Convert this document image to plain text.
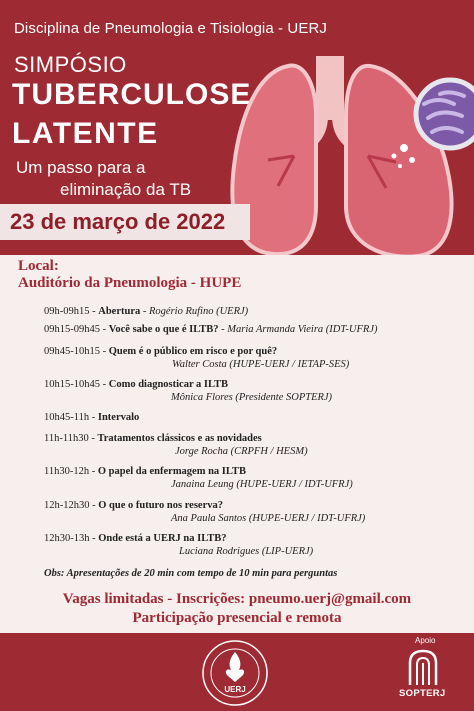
Disciplina de Pneumologia e Tisiologia - UERJ
SIMPÓSIO
TUBERCULOSE
LATENTE
Um passo para a
eliminação da TB
23 de março de 2022
Local:
Auditório da Pneumologia - HUPE
09h-09h15 - Abertura - Rogério Rufino (UERJ)
09h15-09h45 - Você sabe o que é ILTB? - Maria Armanda Vieira (IDT-UFRJ)
09h45-10h15 - Quem é o público em risco e por quê?
Walter Costa (HUPE-UERJ / IETAP-SES)
10h15-10h45 - Como diagnosticar a ILTB
Mônica Flores (Presidente SOPTERJ)
10h45-11h - Intervalo
11h-11h30 - Tratamentos clássicos e as novidades
Jorge Rocha (CRPFH / HESM)
11h30-12h - O papel da enfermagem na ILTB
Janaina Leung (HUPE-UERJ / IDT-UFRJ)
12h-12h30 - O que o futuro nos reserva?
Ana Paula Santos (HUPE-UERJ / IDT-UFRJ)
12h30-13h - Onde está a UERJ na ILTB?
Luciana Rodrigues (LIP-UERJ)
Obs: Apresentações de 20 min com tempo de 10 min para perguntas
Vagas limitadas - Inscrições: pneumo.uerj@gmail.com
Participação presencial e remota
UERJ
Apoio
SOPTERJ
